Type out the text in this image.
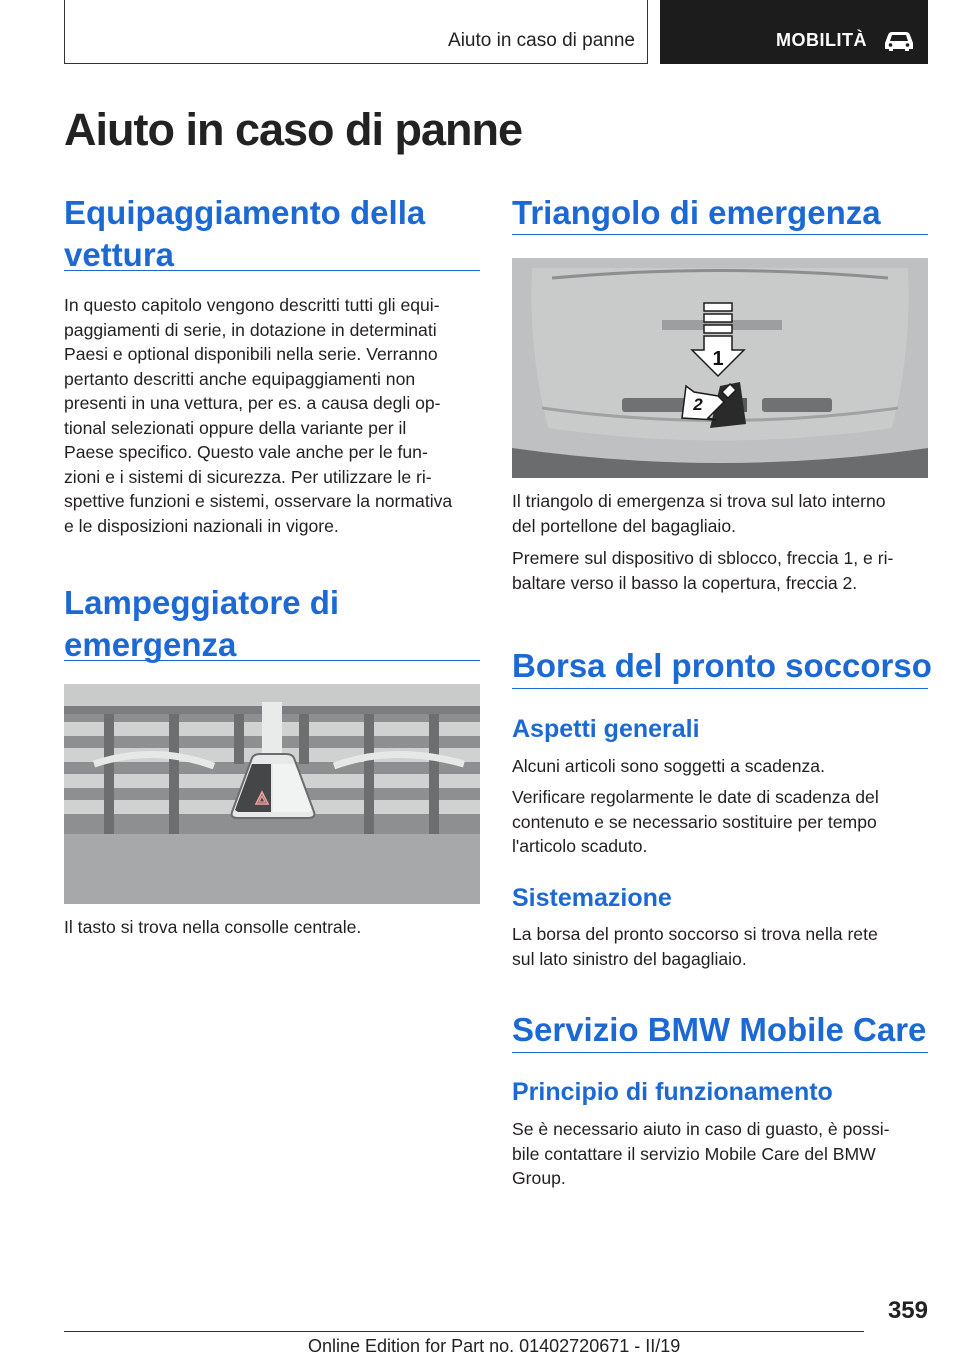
Aiuto in caso di panne	MOBILITÀ
Aiuto in caso di panne
Equipaggiamento della
vettura

In questo capitolo vengono descritti tutti gli equi‐
paggiamenti di serie, in dotazione in determinati
Paesi e optional disponibili nella serie. Verranno
pertanto descritti anche equipaggiamenti non
presenti in una vettura, per es. a causa degli op‐
tional selezionati oppure della variante per il
Paese specifico. Questo vale anche per le fun‐
zioni e i sistemi di sicurezza. Per utilizzare le ri‐
spettive funzioni e sistemi, osservare la normativa
e le disposizioni nazionali in vigore.

Lampeggiatore di
emergenza

Il tasto si trova nella consolle centrale.

Triangolo di emergenza
1
2

Il triangolo di emergenza si trova sul lato interno
del portellone del bagagliaio.

Premere sul dispositivo di sblocco, freccia 1, e ri‐
baltare verso il basso la copertura, freccia 2.

Borsa del pronto soccorso
Aspetti generali

Alcuni articoli sono soggetti a scadenza.

Verificare regolarmente le date di scadenza del
contenuto e se necessario sostituire per tempo
l'articolo scaduto.

Sistemazione

La borsa del pronto soccorso si trova nella rete
sul lato sinistro del bagagliaio.

Servizio BMW Mobile Care
Principio di funzionamento

Se è necessario aiuto in caso di guasto, è possi‐
bile contattare il servizio Mobile Care del BMW
Group.

359
Online Edition for Part no. 01402720671 - II/19
